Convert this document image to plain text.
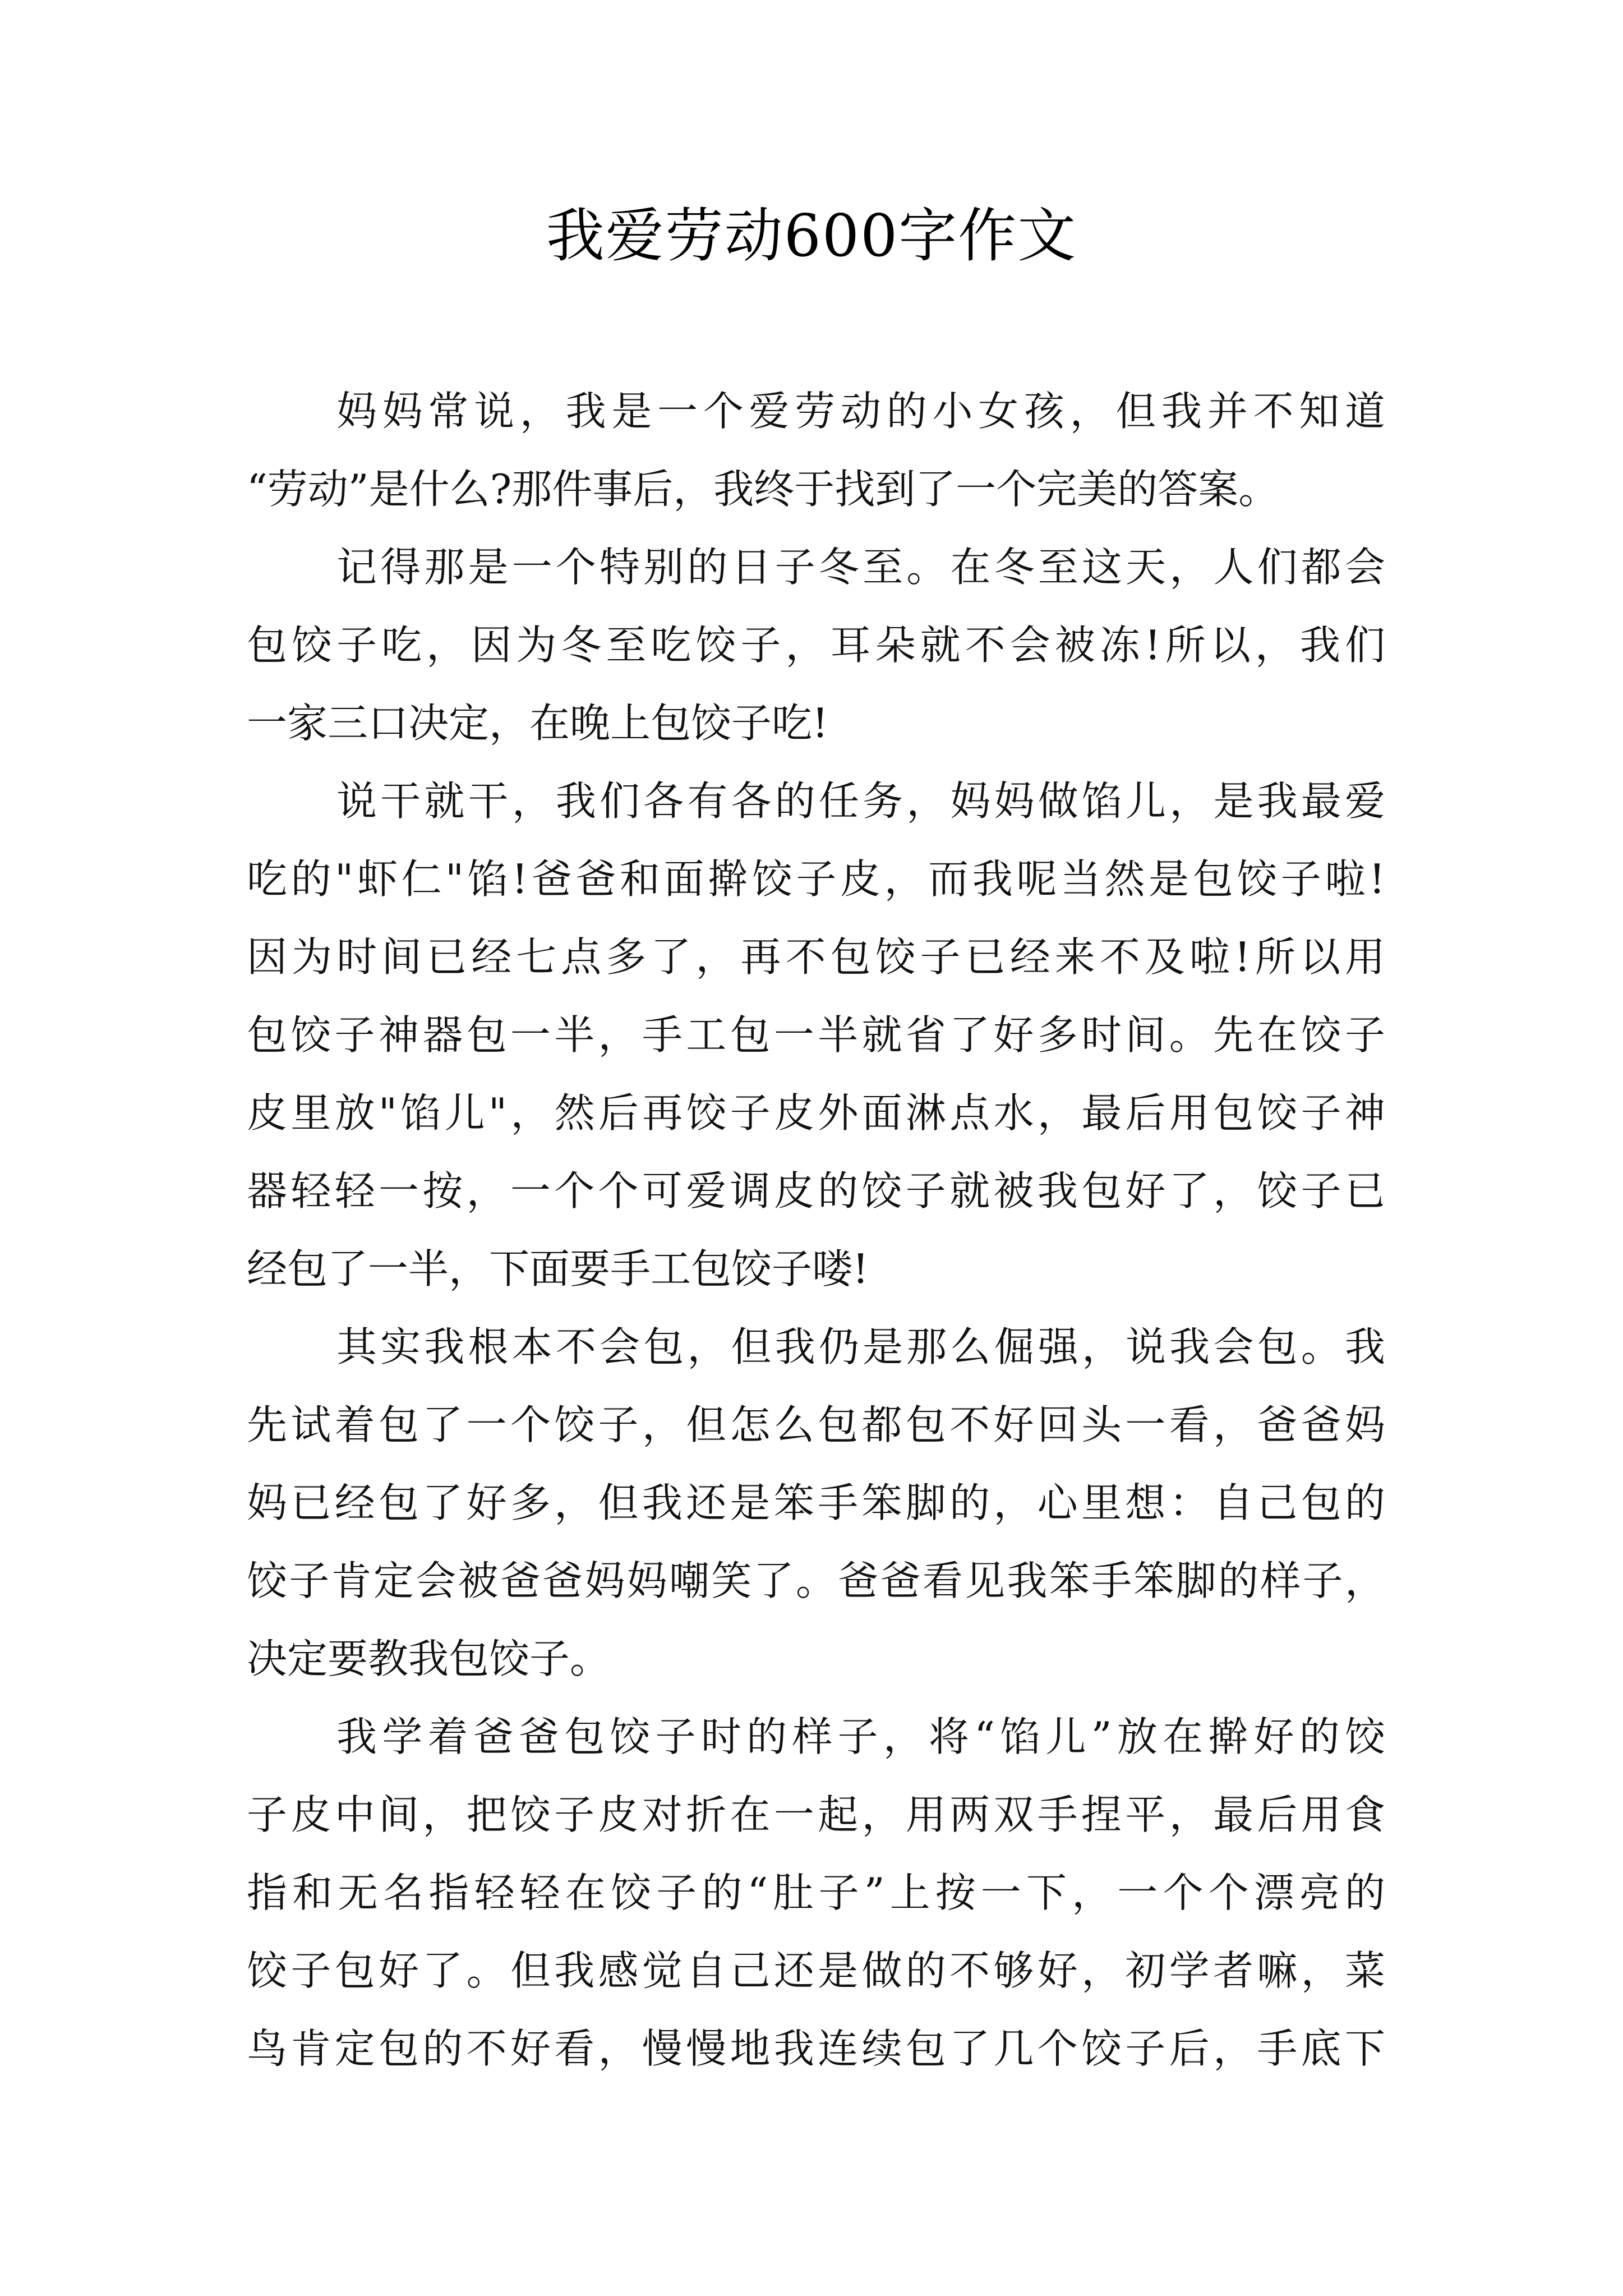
我爱劳动600字作文
妈妈常说，我是一个爱劳动的小女孩，但我并不知道
“劳动”是什么?那件事后，我终于找到了一个完美的答案。
记得那是一个特别的日子冬至。在冬至这天，人们都会
包饺子吃，因为冬至吃饺子，耳朵就不会被冻!所以，我们
一家三口决定，在晚上包饺子吃!
说干就干，我们各有各的任务，妈妈做馅儿，是我最爱
吃的"虾仁"馅!爸爸和面擀饺子皮，而我呢当然是包饺子啦!
因为时间已经七点多了，再不包饺子已经来不及啦!所以用
包饺子神器包一半，手工包一半就省了好多时间。先在饺子
皮里放"馅儿"，然后再饺子皮外面淋点水，最后用包饺子神
器轻轻一按，一个个可爱调皮的饺子就被我包好了，饺子已
经包了一半，下面要手工包饺子喽!
其实我根本不会包，但我仍是那么倔强，说我会包。我
先试着包了一个饺子，但怎么包都包不好回头一看，爸爸妈
妈已经包了好多，但我还是笨手笨脚的，心里想：自己包的
饺子肯定会被爸爸妈妈嘲笑了。爸爸看见我笨手笨脚的样子，
决定要教我包饺子。
我学着爸爸包饺子时的样子，将“馅儿”放在擀好的饺
子皮中间，把饺子皮对折在一起，用两双手捏平，最后用食
指和无名指轻轻在饺子的“肚子”上按一下，一个个漂亮的
饺子包好了。但我感觉自己还是做的不够好，初学者嘛，菜
鸟肯定包的不好看，慢慢地我连续包了几个饺子后，手底下
